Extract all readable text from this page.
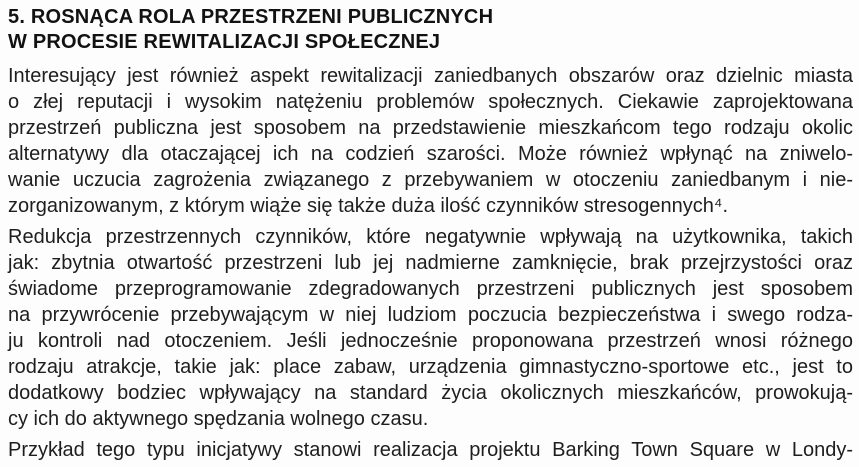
5. ROSNĄCA ROLA PRZESTRZENI PUBLICZNYCH
W PROCESIE REWITALIZACJI SPOŁECZNEJ
Interesujący jest również aspekt rewitalizacji zaniedbanych obszarów oraz dzielnic miasta
o złej reputacji i wysokim natężeniu problemów społecznych. Ciekawie zaprojektowana
przestrzeń publiczna jest sposobem na przedstawienie mieszkańcom tego rodzaju okolic
alternatywy dla otaczającej ich na codzień szarości. Może również wpłynąć na zniwelo-
wanie uczucia zagrożenia związanego z przebywaniem w otoczeniu zaniedbanym i nie-
zorganizowanym, z którym wiąże się także duża ilość czynników stresogennych⁴.
Redukcja przestrzennych czynników, które negatywnie wpływają na użytkownika, takich
jak: zbytnia otwartość przestrzeni lub jej nadmierne zamknięcie, brak przejrzystości oraz
świadome przeprogramowanie zdegradowanych przestrzeni publicznych jest sposobem
na przywrócenie przebywającym w niej ludziom poczucia bezpieczeństwa i swego rodza-
ju kontroli nad otoczeniem. Jeśli jednocześnie proponowana przestrzeń wnosi różnego
rodzaju atrakcje, takie jak: place zabaw, urządzenia gimnastyczno-sportowe etc., jest to
dodatkowy bodziec wpływający na standard życia okolicznych mieszkańców, prowokują-
cy ich do aktywnego spędzania wolnego czasu.
Przykład tego typu inicjatywy stanowi realizacja projektu Barking Town Square w Londy-
